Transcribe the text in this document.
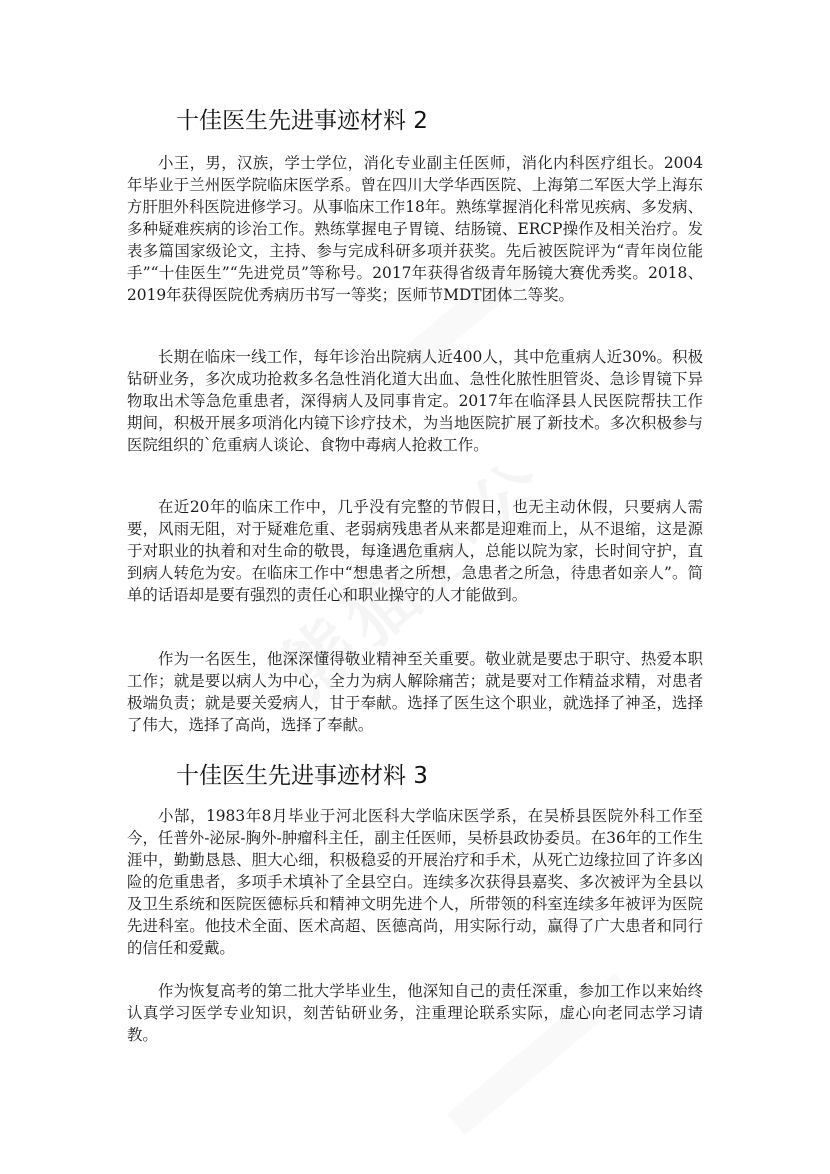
十佳医生先进事迹材料 2

小王，男，汉族，学士学位，消化专业副主任医师，消化内科医疗组长。2004年毕业于兰州医学院临床医学系。曾在四川大学华西医院、上海第二军医大学上海东方肝胆外科医院进修学习。从事临床工作18年。熟练掌握消化科常见疾病、多发病、多种疑难疾病的诊治工作。熟练掌握电子胃镜、结肠镜、ERCP操作及相关治疗。发表多篇国家级论文，主持、参与完成科研多项并获奖。先后被医院评为“青年岗位能手”“十佳医生”“先进党员”等称号。2017年获得省级青年肠镜大赛优秀奖。2018、2019年获得医院优秀病历书写一等奖；医师节MDT团体二等奖。

长期在临床一线工作，每年诊治出院病人近400人，其中危重病人近30%。积极钻研业务，多次成功抢救多名急性消化道大出血、急性化脓性胆管炎、急诊胃镜下异物取出术等急危重患者，深得病人及同事肯定。2017年在临泽县人民医院帮扶工作期间，积极开展多项消化内镜下诊疗技术，为当地医院扩展了新技术。多次积极参与医院组织的`危重病人谈论、食物中毒病人抢救工作。

在近20年的临床工作中，几乎没有完整的节假日，也无主动休假，只要病人需要，风雨无阻，对于疑难危重、老弱病残患者从来都是迎难而上，从不退缩，这是源于对职业的执着和对生命的敬畏，每逢遇危重病人，总能以院为家，长时间守护，直到病人转危为安。在临床工作中“想患者之所想，急患者之所急，待患者如亲人”。简单的话语却是要有强烈的责任心和职业操守的人才能做到。

作为一名医生，他深深懂得敬业精神至关重要。敬业就是要忠于职守、热爱本职工作；就是要以病人为中心，全力为病人解除痛苦；就是要对工作精益求精，对患者极端负责；就是要关爱病人，甘于奉献。选择了医生这个职业，就选择了神圣，选择了伟大，选择了高尚，选择了奉献。

十佳医生先进事迹材料 3

小郜，1983年8月毕业于河北医科大学临床医学系，在吴桥县医院外科工作至今，任普外-泌尿-胸外-肿瘤科主任，副主任医师，吴桥县政协委员。在36年的工作生涯中，勤勤恳恳、胆大心细，积极稳妥的开展治疗和手术，从死亡边缘拉回了许多凶险的危重患者，多项手术填补了全县空白。连续多次获得县嘉奖、多次被评为全县以及卫生系统和医院医德标兵和精神文明先进个人，所带领的科室连续多年被评为医院先进科室。他技术全面、医术高超、医德高尚，用实际行动，赢得了广大患者和同行的信任和爱戴。

作为恢复高考的第二批大学毕业生，他深知自己的责任深重，参加工作以来始终认真学习医学专业知识，刻苦钻研业务，注重理论联系实际，虚心向老同志学习请教。
